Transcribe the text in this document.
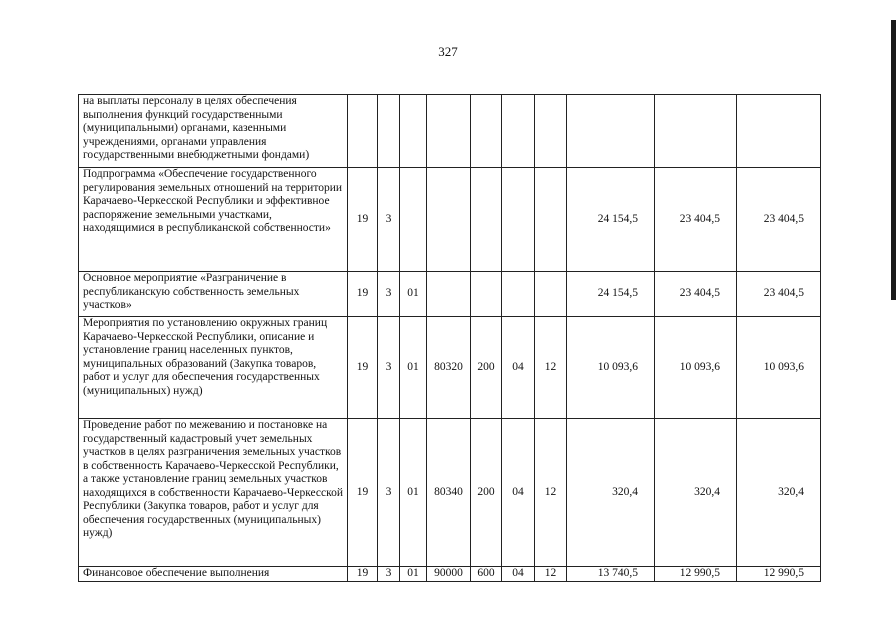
327
на выплаты персоналу в целях обеспечения выполнения функций государственными (муниципальными) органами, казенными учреждениями, органами управления государственными внебюджетными фондами)										
Подпрограмма «Обеспечение государственного регулирования земельных отношений на территории Карачаево-Черкесской Республики и эффективное распоряжение земельными участками, находящимися в республиканской собственности»	19	3						24 154,5	23 404,5	23 404,5
Основное мероприятие «Разграничение в республиканскую собственность земельных участков»	19	3	01					24 154,5	23 404,5	23 404,5
Мероприятия по установлению окружных границ Карачаево-Черкесской Республики, описание и установление границ населенных пунктов, муниципальных образований (Закупка товаров, работ и услуг для обеспечения государственных (муниципальных) нужд)	19	3	01	80320	200	04	12	10 093,6	10 093,6	10 093,6
Проведение работ по межеванию и постановке на государственный кадастровый учет земельных участков в целях разграничения земельных участков в собственность Карачаево-Черкесской Республики, а также установление границ земельных участков находящихся в собственности Карачаево-Черкесской Республики (Закупка товаров, работ и услуг для обеспечения государственных (муниципальных) нужд)	19	3	01	80340	200	04	12	320,4	320,4	320,4
Финансовое обеспечение выполнения	19	3	01	90000	600	04	12	13 740,5	12 990,5	12 990,5
